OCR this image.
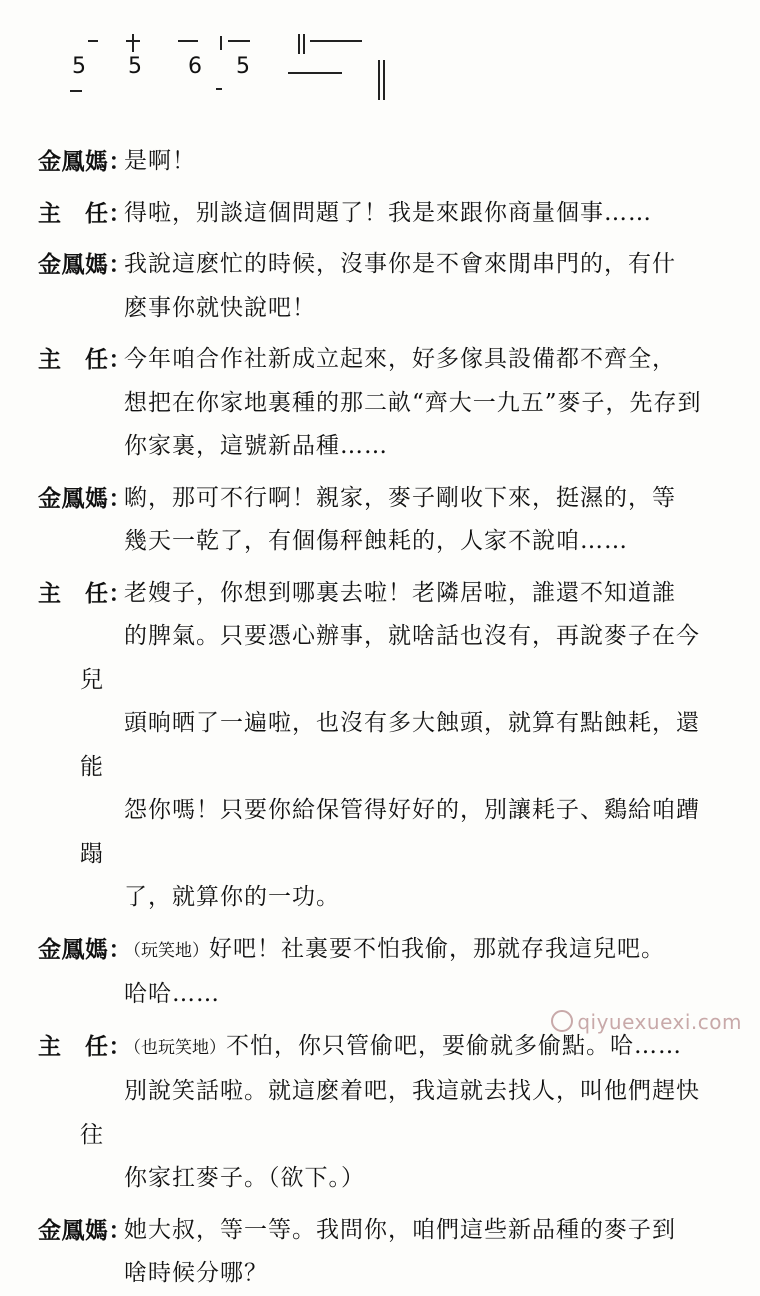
5 5 6 5
金鳳媽：
是啊！
主　任：
得啦，别談這個問題了！我是來跟你商量個事……
金鳳媽：
我說這麽忙的時候，沒事你是不會來閒串門的，有什
麽事你就快說吧！
主　任：
今年咱合作社新成立起來，好多傢具設備都不齊全，
想把在你家地裏種的那二畝“齊大一九五”麥子，先存到
你家裏，這號新品種……
金鳳媽：
喲，那可不行啊！親家，麥子剛收下來，挺濕的，等
幾天一乾了，有個傷秤蝕耗的，人家不說咱……
主　任：
老嫂子，你想到哪裏去啦！老隣居啦，誰還不知道誰
的脾氣。只要憑心辦事，就啥話也沒有，再說麥子在今兒
頭晌晒了一遍啦，也沒有多大蝕頭，就算有點蝕耗，還能
怨你嗎！只要你給保管得好好的，別讓耗子、鷄給咱蹧蹋
了，就算你的一功。
金鳳媽：
（玩笑地）好吧！社裏要不怕我偷，那就存我這兒吧。
哈哈……
主　任：
（也玩笑地）不怕，你只管偷吧，要偷就多偷點。哈……
別說笑話啦。就這麽着吧，我這就去找人，叫他們趕快往
你家扛麥子。（欲下。）
金鳳媽：
她大叔，等一等。我問你，咱們這些新品種的麥子到
啥時候分哪？
qiyuexuexi.com
